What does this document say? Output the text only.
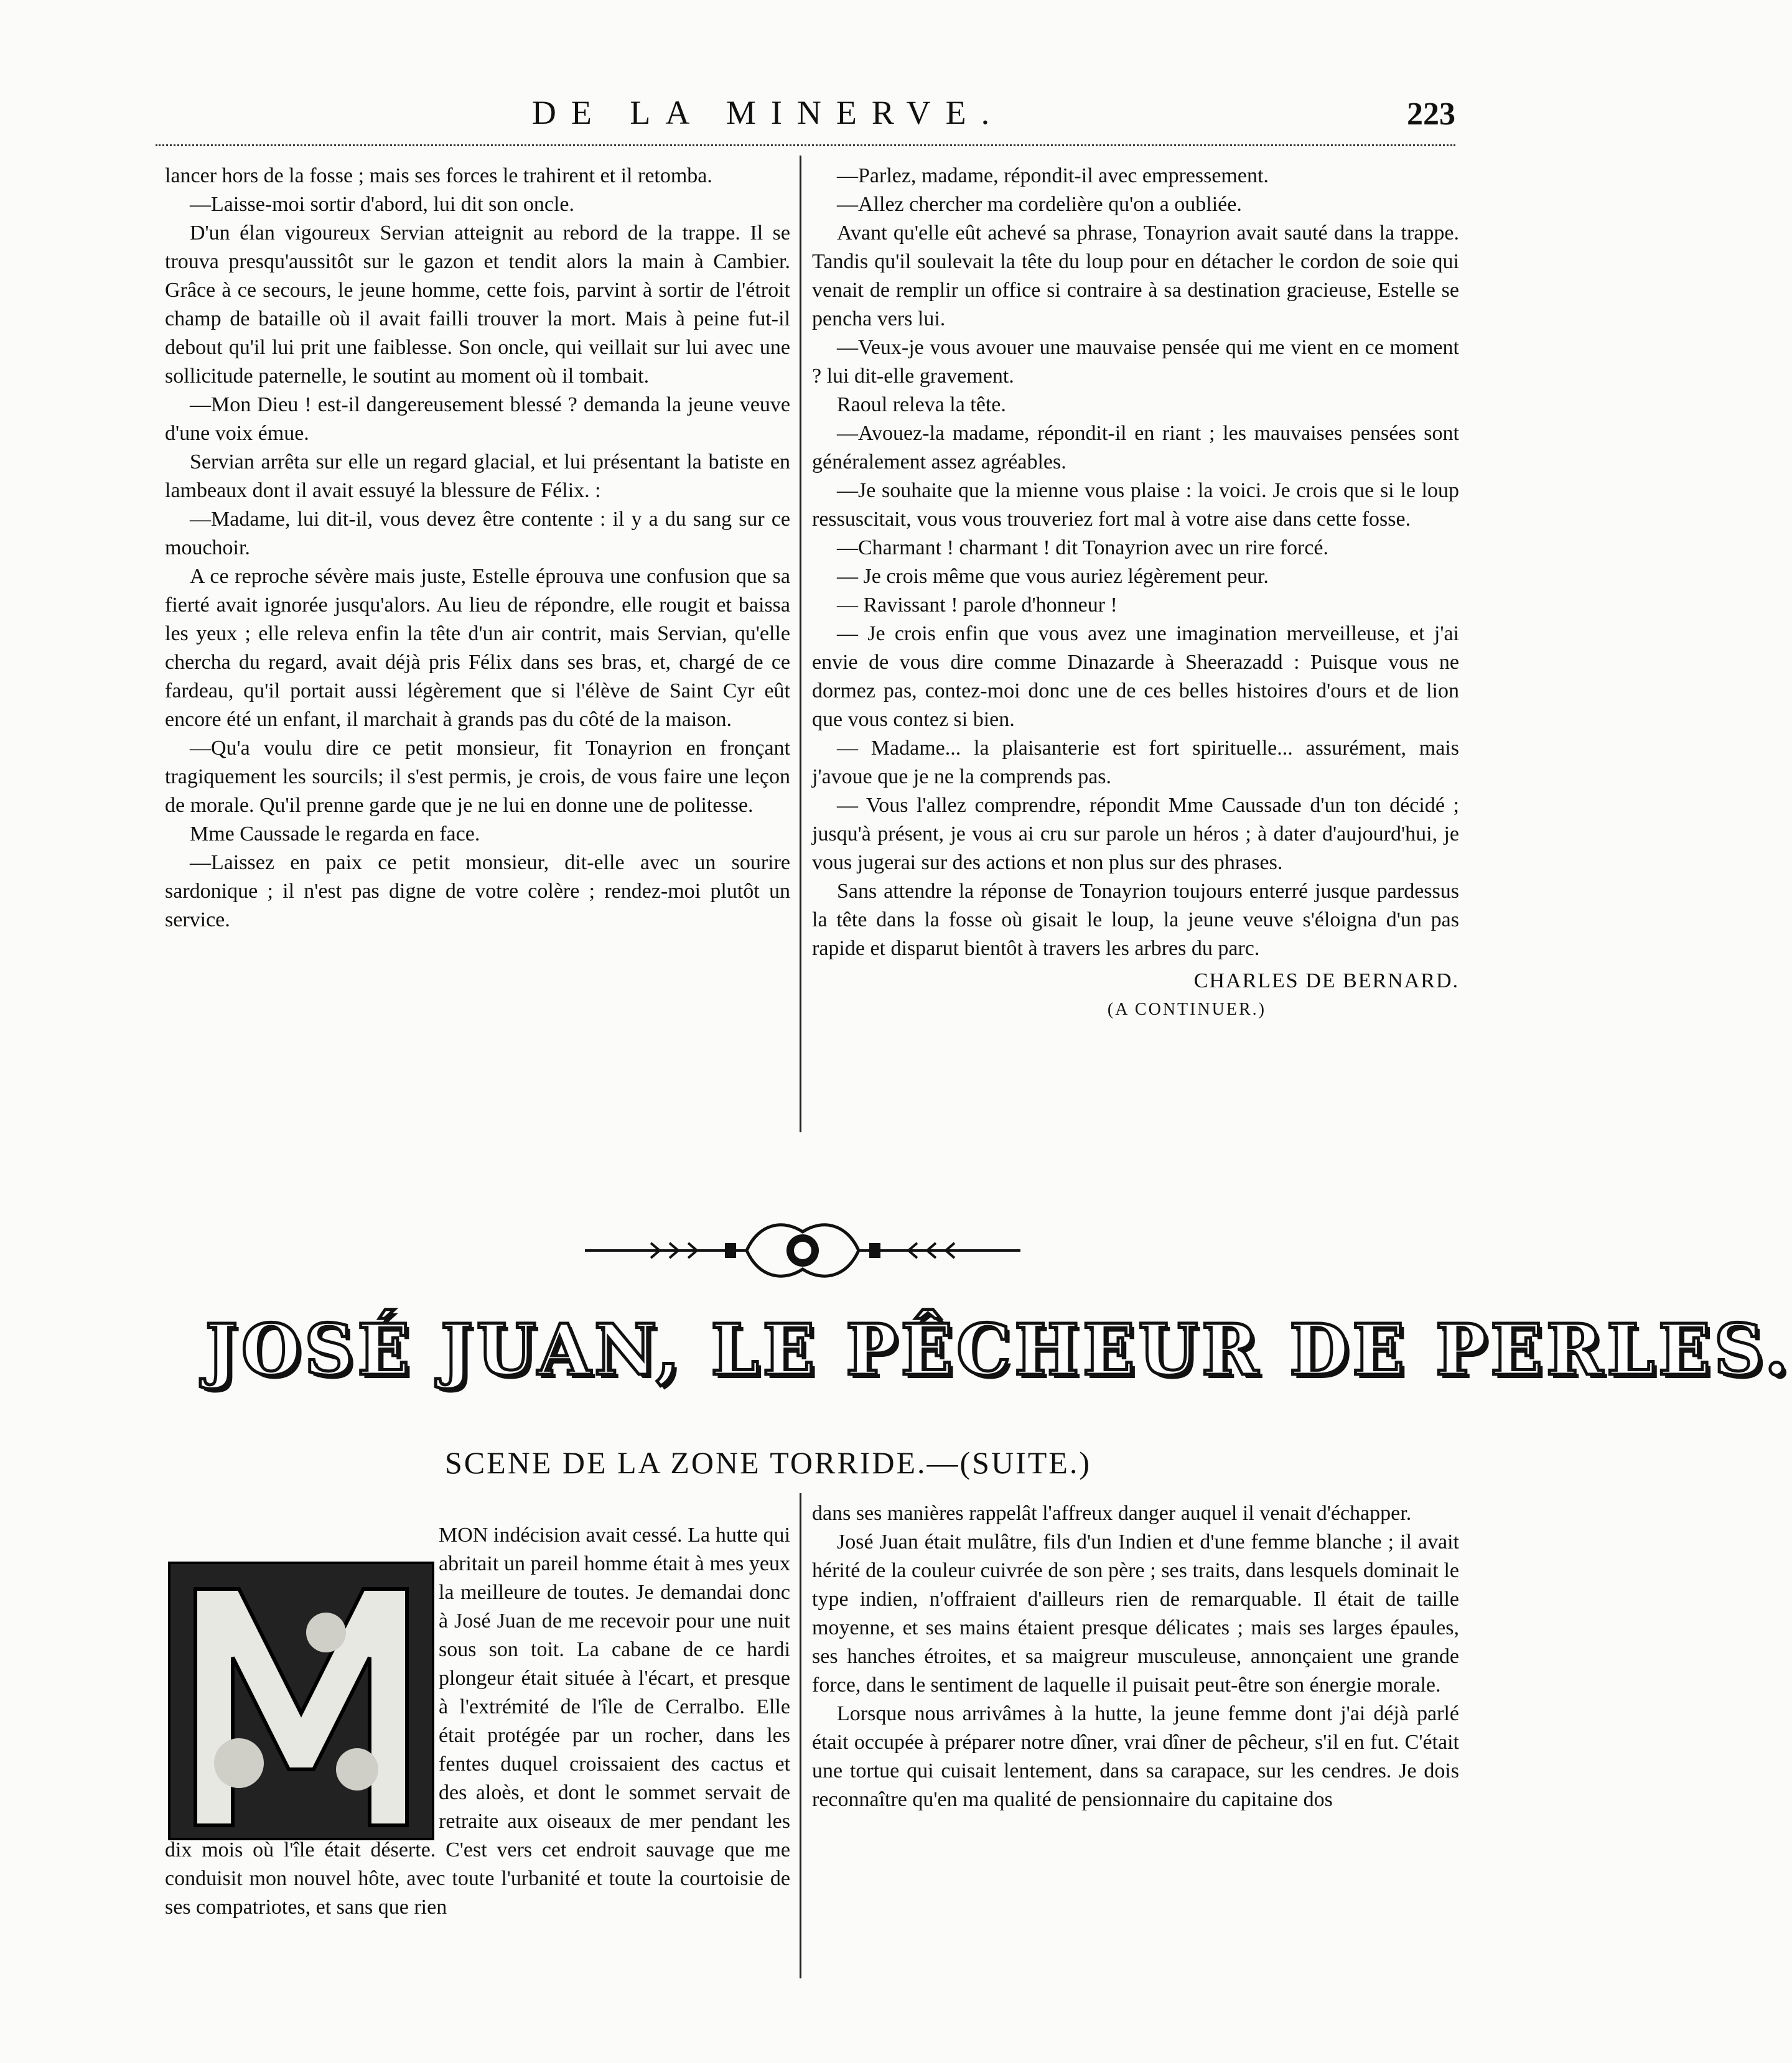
DE LA MINERVE.	223

lancer hors de la fosse ; mais ses forces le trahirent et il retomba.

—Laisse-moi sortir d'abord, lui dit son oncle.

D'un élan vigoureux Servian atteignit au rebord de la trappe. Il se trouva presqu'aussitôt sur le gazon et tendit alors la main à Cambier. Grâce à ce secours, le jeune homme, cette fois, parvint à sortir de l'étroit champ de bataille où il avait failli trouver la mort. Mais à peine fut-il debout qu'il lui prit une faiblesse. Son oncle, qui veillait sur lui avec une sollicitude paternelle, le soutint au moment où il tombait.

—Mon Dieu ! est-il dangereusement blessé ? demanda la jeune veuve d'une voix émue.

Servian arrêta sur elle un regard glacial, et lui présentant la batiste en lambeaux dont il avait essuyé la blessure de Félix. :

—Madame, lui dit-il, vous devez être contente : il y a du sang sur ce mouchoir.

A ce reproche sévère mais juste, Estelle éprouva une confusion que sa fierté avait ignorée jusqu'alors. Au lieu de répondre, elle rougit et baissa les yeux ; elle releva enfin la tête d'un air contrit, mais Servian, qu'elle chercha du regard, avait déjà pris Félix dans ses bras, et, chargé de ce fardeau, qu'il portait aussi légèrement que si l'élève de Saint Cyr eût encore été un enfant, il marchait à grands pas du côté de la maison.

—Qu'a voulu dire ce petit monsieur, fit Tonayrion en fronçant tragiquement les sourcils; il s'est permis, je crois, de vous faire une leçon de morale. Qu'il prenne garde que je ne lui en donne une de politesse.

Mme Caussade le regarda en face.

—Laissez en paix ce petit monsieur, dit-elle avec un sourire sardonique ; il n'est pas digne de votre colère ; rendez-moi plutôt un service.

—Parlez, madame, répondit-il avec empressement.

—Allez chercher ma cordelière qu'on a oubliée.

Avant qu'elle eût achevé sa phrase, Tonayrion avait sauté dans la trappe. Tandis qu'il soulevait la tête du loup pour en détacher le cordon de soie qui venait de remplir un office si contraire à sa destination gracieuse, Estelle se pencha vers lui.

—Veux-je vous avouer une mauvaise pensée qui me vient en ce moment ? lui dit-elle gravement.

Raoul releva la tête.

—Avouez-la madame, répondit-il en riant ; les mauvaises pensées sont généralement assez agréables.

—Je souhaite que la mienne vous plaise : la voici. Je crois que si le loup ressuscitait, vous vous trouveriez fort mal à votre aise dans cette fosse.

—Charmant ! charmant ! dit Tonayrion avec un rire forcé.

— Je crois même que vous auriez légèrement peur.

— Ravissant ! parole d'honneur !

— Je crois enfin que vous avez une imagination merveilleuse, et j'ai envie de vous dire comme Dinazarde à Sheerazadd : Puisque vous ne dormez pas, contez-moi donc une de ces belles histoires d'ours et de lion que vous contez si bien.

— Madame... la plaisanterie est fort spirituelle... assurément, mais j'avoue que je ne la comprends pas.

— Vous l'allez comprendre, répondit Mme Caussade d'un ton décidé ; jusqu'à présent, je vous ai cru sur parole un héros ; à dater d'aujourd'hui, je vous jugerai sur des actions et non plus sur des phrases.

Sans attendre la réponse de Tonayrion toujours enterré jusque pardessus la tête dans la fosse où gisait le loup, la jeune veuve s'éloigna d'un pas rapide et disparut bientôt à travers les arbres du parc.

CHARLES DE BERNARD.

(A CONTINUER.)

JOSÉ JUAN, LE PÊCHEUR DE PERLES.
SCENE DE LA ZONE TORRIDE.—(SUITE.)

MON indécision avait cessé. La hutte qui abritait un pareil homme était à mes yeux la meilleure de toutes. Je demandai donc à José Juan de me recevoir pour une nuit sous son toit. La cabane de ce hardi plongeur était située à l'écart, et presque à l'extrémité de l'île de Cerralbo. Elle était protégée par un rocher, dans les fentes duquel croissaient des cactus et des aloès, et dont le sommet servait de retraite aux oiseaux de mer pendant les dix mois où l'île était déserte. C'est vers cet endroit sauvage que me conduisit mon nouvel hôte, avec toute l'urbanité et toute la courtoisie de ses compatriotes, et sans que rien

dans ses manières rappelât l'affreux danger auquel il venait d'échapper.

José Juan était mulâtre, fils d'un Indien et d'une femme blanche ; il avait hérité de la couleur cuivrée de son père ; ses traits, dans lesquels dominait le type indien, n'offraient d'ailleurs rien de remarquable. Il était de taille moyenne, et ses mains étaient presque délicates ; mais ses larges épaules, ses hanches étroites, et sa maigreur musculeuse, annonçaient une grande force, dans le sentiment de laquelle il puisait peut-être son énergie morale.

Lorsque nous arrivâmes à la hutte, la jeune femme dont j'ai déjà parlé était occupée à préparer notre dîner, vrai dîner de pêcheur, s'il en fut. C'était une tortue qui cuisait lentement, dans sa carapace, sur les cendres. Je dois reconnaître qu'en ma qualité de pensionnaire du capitaine dos
